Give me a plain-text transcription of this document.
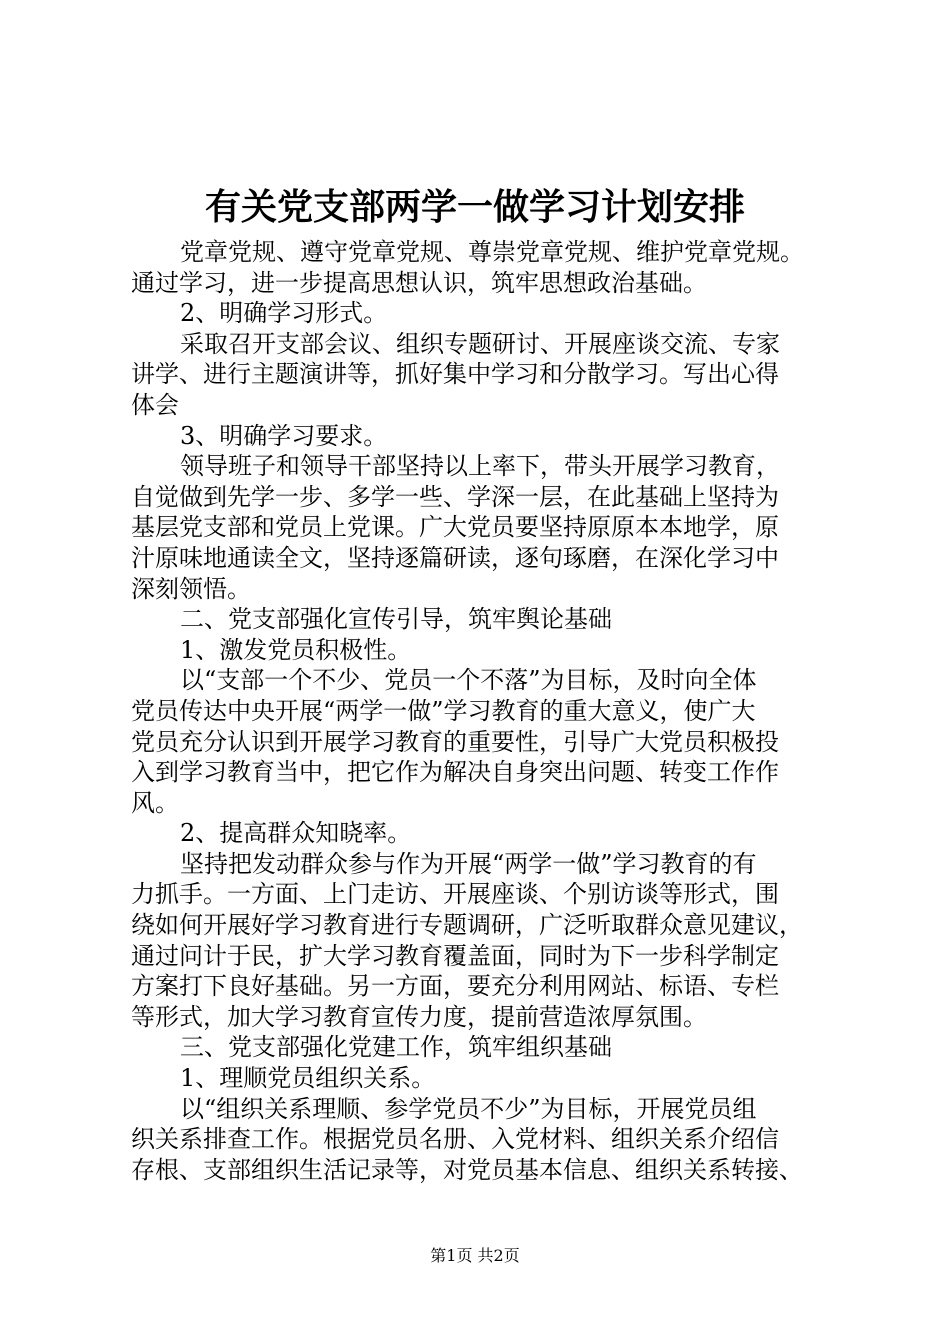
有关党支部两学一做学习计划安排
党章党规、遵守党章党规、尊崇党章党规、维护党章党规。
通过学习，进一步提高思想认识，筑牢思想政治基础。
2、明确学习形式。
采取召开支部会议、组织专题研讨、开展座谈交流、专家
讲学、进行主题演讲等，抓好集中学习和分散学习。写出心得
体会
3、明确学习要求。
领导班子和领导干部坚持以上率下，带头开展学习教育，
自觉做到先学一步、多学一些、学深一层，在此基础上坚持为
基层党支部和党员上党课。广大党员要坚持原原本本地学，原
汁原味地通读全文，坚持逐篇研读，逐句琢磨，在深化学习中
深刻领悟。
二、党支部强化宣传引导，筑牢舆论基础
1、激发党员积极性。
以“支部一个不少、党员一个不落”为目标，及时向全体
党员传达中央开展“两学一做”学习教育的重大意义，使广大
党员充分认识到开展学习教育的重要性，引导广大党员积极投
入到学习教育当中，把它作为解决自身突出问题、转变工作作
风。
2、提高群众知晓率。
坚持把发动群众参与作为开展“两学一做”学习教育的有
力抓手。一方面、上门走访、开展座谈、个别访谈等形式，围
绕如何开展好学习教育进行专题调研，广泛听取群众意见建议，
通过问计于民，扩大学习教育覆盖面，同时为下一步科学制定
方案打下良好基础。另一方面，要充分利用网站、标语、专栏
等形式，加大学习教育宣传力度，提前营造浓厚氛围。
三、党支部强化党建工作，筑牢组织基础
1、理顺党员组织关系。
以“组织关系理顺、参学党员不少”为目标，开展党员组
织关系排查工作。根据党员名册、入党材料、组织关系介绍信
存根、支部组织生活记录等，对党员基本信息、组织关系转接、
第1页 共2页
